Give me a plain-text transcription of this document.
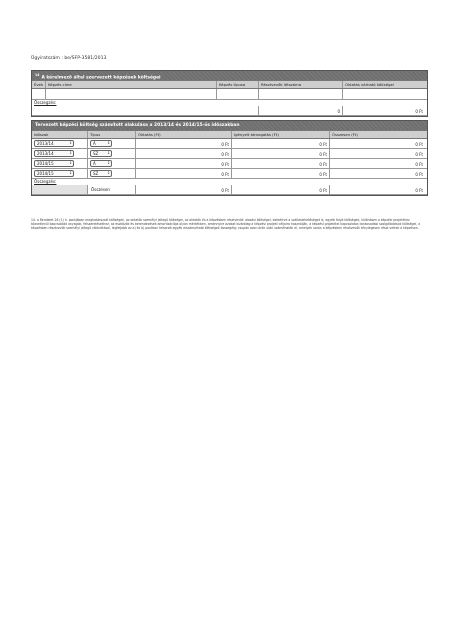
Ügyiratszám : be/SFP-3581/2013
$^{14}$A kérelmező által szervezett képzések költségei
Évek	Képzés címe	Képzés típusa	Résztvevők létszáma	Oktatás várható költségei
Összegzés:
0	0 Ft
Tervezett képzési költség számított alakulása a 2013/14 és 2014/15-ös időszakban
Időszak	Típus	Oktatás (Ft)	Igényelt támogatás (Ft)	Összesen (Ft)
2013/14	↕	Á	↕	0 Ft	0 Ft	0 Ft
2013/14	↕	SZ ↕	0 Ft	0 Ft	0 Ft
2014/15	↕	Á	↕	0 Ft	0 Ft	0 Ft
2014/15	↕	SZ ↕	0 Ft	0 Ft	0 Ft
Összegzés:
Összesen	0 Ft	0 Ft	0 Ft
14. a Rendelet 26 (1) h. pontjában meghatározott költségek, az oktatók személyi jellegű költségei, az oktatók és a képzésben résztvevők utazási költségei, beleértve a szálláslehetőséget is, egyéb folyó költségek, különösen a képzési projekthez közvetlenül kapcsolódó anyagok, felszerelésekhez, az eszközök és berendezések amortizációja olyan mértékben, amennyire azokat kizárólag a képzési projekt céljaira használják, a képzési projekttel kapcsolatos tanácsadási szolgáltatások költségei, a képzésben résztvevők személyi jellegű ráfordításai, legfeljebb az a) és b) pontban felsorolt egyéb elszámolható költségek összegéig; csupán azon órák után számíthatók el, amelyek során a képzésben résztvevők ténylegesen részt vettek a képzésen.
